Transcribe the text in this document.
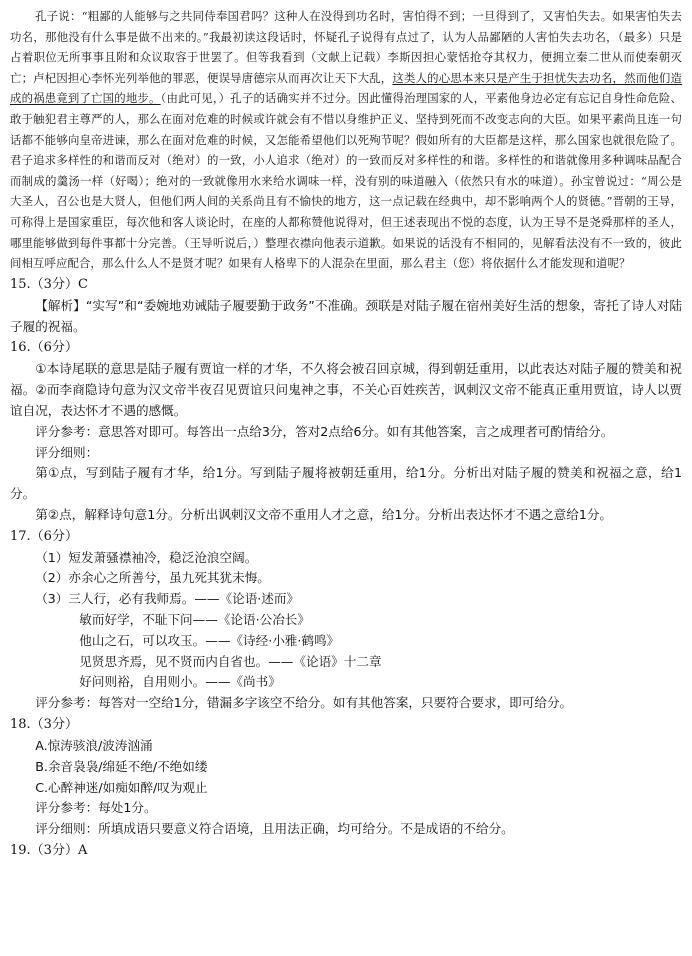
孔子说：“粗鄙的人能够与之共同侍奉国君吗？这种人在没得到功名时，害怕得不到；一旦得到了，又害怕失去。如果害怕失去功名，那他没有什么事是做不出来的。”我最初读这段话时，怀疑孔子说得有点过了，认为人品鄙陋的人害怕失去功名，（最多）只是占着职位无所事事且附和众议取容于世罢了。但等我看到（文献上记载）李斯因担心蒙恬抢夺其权力，便拥立秦二世从而使秦朝灭亡；卢杞因担心李怀光列举他的罪恶，便误导唐德宗从而再次让天下大乱，这类人的心思本来只是产生于担忧失去功名，然而他们造成的祸患竟到了亡国的地步。（由此可见，）孔子的话确实并不过分。因此懂得治理国家的人，平素他身边必定有忘记自身性命危险、敢于触犯君主尊严的人，那么在面对危难的时候或许就会有不惜以身维护正义、坚持到死而不改变志向的大臣。如果平素尚且连一句话都不能够向皇帝进谏，那么在面对危难的时候，又怎能希望他们以死殉节呢？假如所有的大臣都是这样，那么国家也就很危险了。君子追求多样性的和谐而反对（绝对）的一致，小人追求（绝对）的一致而反对多样性的和谐。多样性的和谐就像用多种调味品配合而制成的羹汤一样（好喝）；绝对的一致就像用水来给水调味一样，没有别的味道融入（依然只有水的味道）。孙宝曾说过：“周公是大圣人，召公也是大贤人，但他们两人间的关系尚且有不愉快的地方，这一点记载在经典中，却不影响两个人的贤德。”晋朝的王导，可称得上是国家重臣，每次他和客人谈论时，在座的人都称赞他说得对，但王述表现出不悦的态度，认为王导不是尧舜那样的圣人，哪里能够做到每件事都十分完善。（王导听说后，）整理衣襟向他表示道歉。如果说的话没有不相同的，见解看法没有不一致的，彼此间相互呼应配合，那么什么人不是贤才呢？如果有人格卑下的人混杂在里面，那么君主（您）将依据什么才能发现和道呢？

15.（3分）C

【解析】“实写”和“委婉地劝诫陆子履要勤于政务”不准确。颈联是对陆子履在宿州美好生活的想象，寄托了诗人对陆子履的祝福。

16.（6分）

①本诗尾联的意思是陆子履有贾谊一样的才华，不久将会被召回京城，得到朝廷重用，以此表达对陆子履的赞美和祝福。②而李商隐诗句意为汉文帝半夜召见贾谊只问鬼神之事，不关心百姓疾苦，讽刺汉文帝不能真正重用贾谊，诗人以贾谊自况，表达怀才不遇的感慨。

评分参考：意思答对即可。每答出一点给3分，答对2点给6分。如有其他答案，言之成理者可酌情给分。

评分细则：

第①点，写到陆子履有才华，给1分。写到陆子履将被朝廷重用，给1分。分析出对陆子履的赞美和祝福之意，给1分。

第②点，解释诗句意1分。分析出讽刺汉文帝不重用人才之意，给1分。分析出表达怀才不遇之意给1分。

17.（6分）

（1）短发萧骚襟袖冷，稳泛沧浪空阔。

（2）亦余心之所善兮，虽九死其犹未悔。

（3）三人行，必有我师焉。——《论语·述而》

敏而好学，不耻下问——《论语·公冶长》

他山之石，可以攻玉。——《诗经·小雅·鹤鸣》

见贤思齐焉，见不贤而内自省也。——《论语》十二章

好问则裕，自用则小。——《尚书》

评分参考：每答对一空给1分，错漏多字该空不给分。如有其他答案，只要符合要求，即可给分。

18.（3分）

A.惊涛骇浪/波涛汹涌

B.余音袅袅/绵延不绝/不绝如缕

C.心醉神迷/如痴如醉/叹为观止

评分参考：每处1分。

评分细则：所填成语只要意义符合语境，且用法正确，均可给分。不是成语的不给分。

19.（3分）A
